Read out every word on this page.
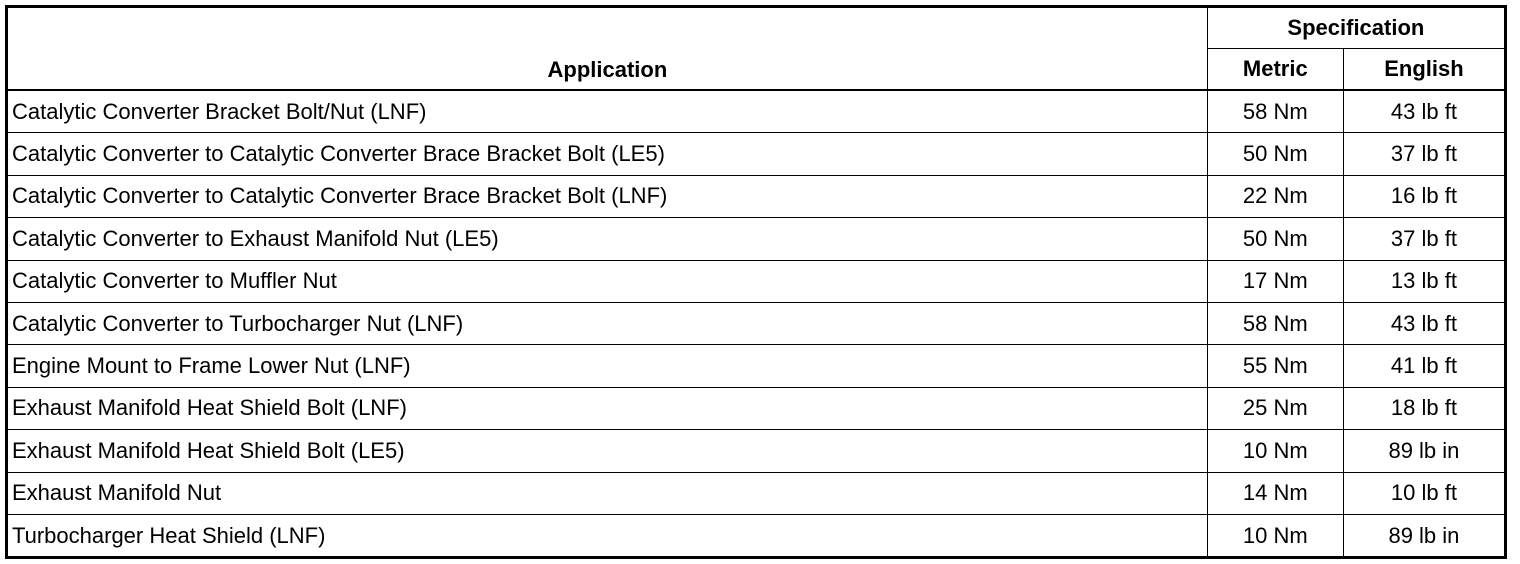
Application	Specification	
	Metric	English
Catalytic Converter Bracket Bolt/Nut (LNF)	58 Nm	43 lb ft
Catalytic Converter to Catalytic Converter Brace Bracket Bolt (LE5)	50 Nm	37 lb ft
Catalytic Converter to Catalytic Converter Brace Bracket Bolt (LNF)	22 Nm	16 lb ft
Catalytic Converter to Exhaust Manifold Nut (LE5)	50 Nm	37 lb ft
Catalytic Converter to Muffler Nut	17 Nm	13 lb ft
Catalytic Converter to Turbocharger Nut (LNF)	58 Nm	43 lb ft
Engine Mount to Frame Lower Nut (LNF)	55 Nm	41 lb ft
Exhaust Manifold Heat Shield Bolt (LNF)	25 Nm	18 lb ft
Exhaust Manifold Heat Shield Bolt (LE5)	10 Nm	89 lb in
Exhaust Manifold Nut	14 Nm	10 lb ft
Turbocharger Heat Shield (LNF)	10 Nm	89 lb in
